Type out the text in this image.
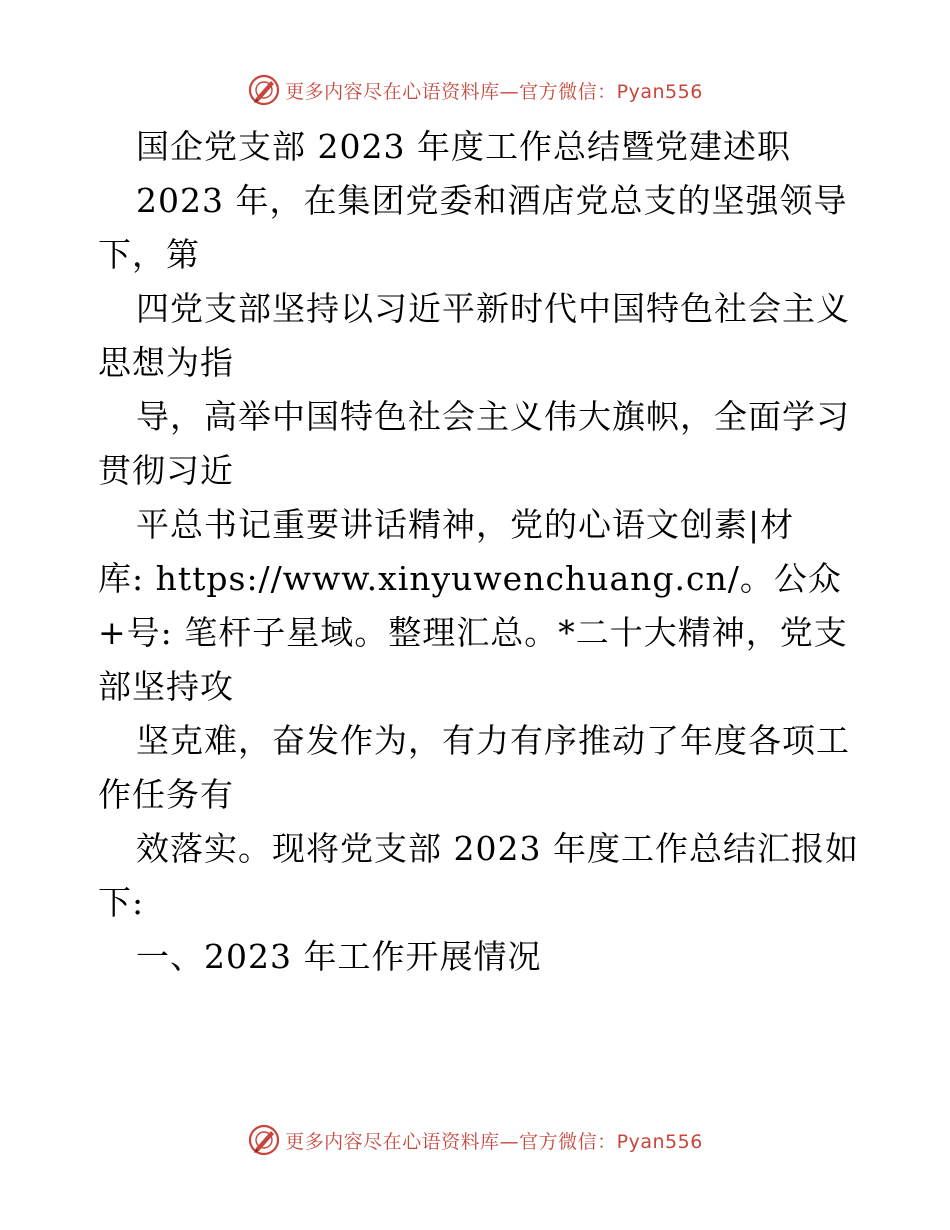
更多内容尽在心语资料库—官方微信：Pyan556
国企党支部 2023 年度工作总结暨党建述职
2023 年，在集团党委和酒店党总支的坚强领导
下，第
四党支部坚持以习近平新时代中国特色社会主义
思想为指
导，高举中国特色社会主义伟大旗帜，全面学习
贯彻习近
平总书记重要讲话精神，党的心语文创素|材
库: https://www.xinyuwenchuang.cn/。公众
+号: 笔杆子星域。整理汇总。*二十大精神，党支
部坚持攻
坚克难，奋发作为，有力有序推动了年度各项工
作任务有
效落实。现将党支部 2023 年度工作总结汇报如
下:
一、2023 年工作开展情况
更多内容尽在心语资料库—官方微信：Pyan556
